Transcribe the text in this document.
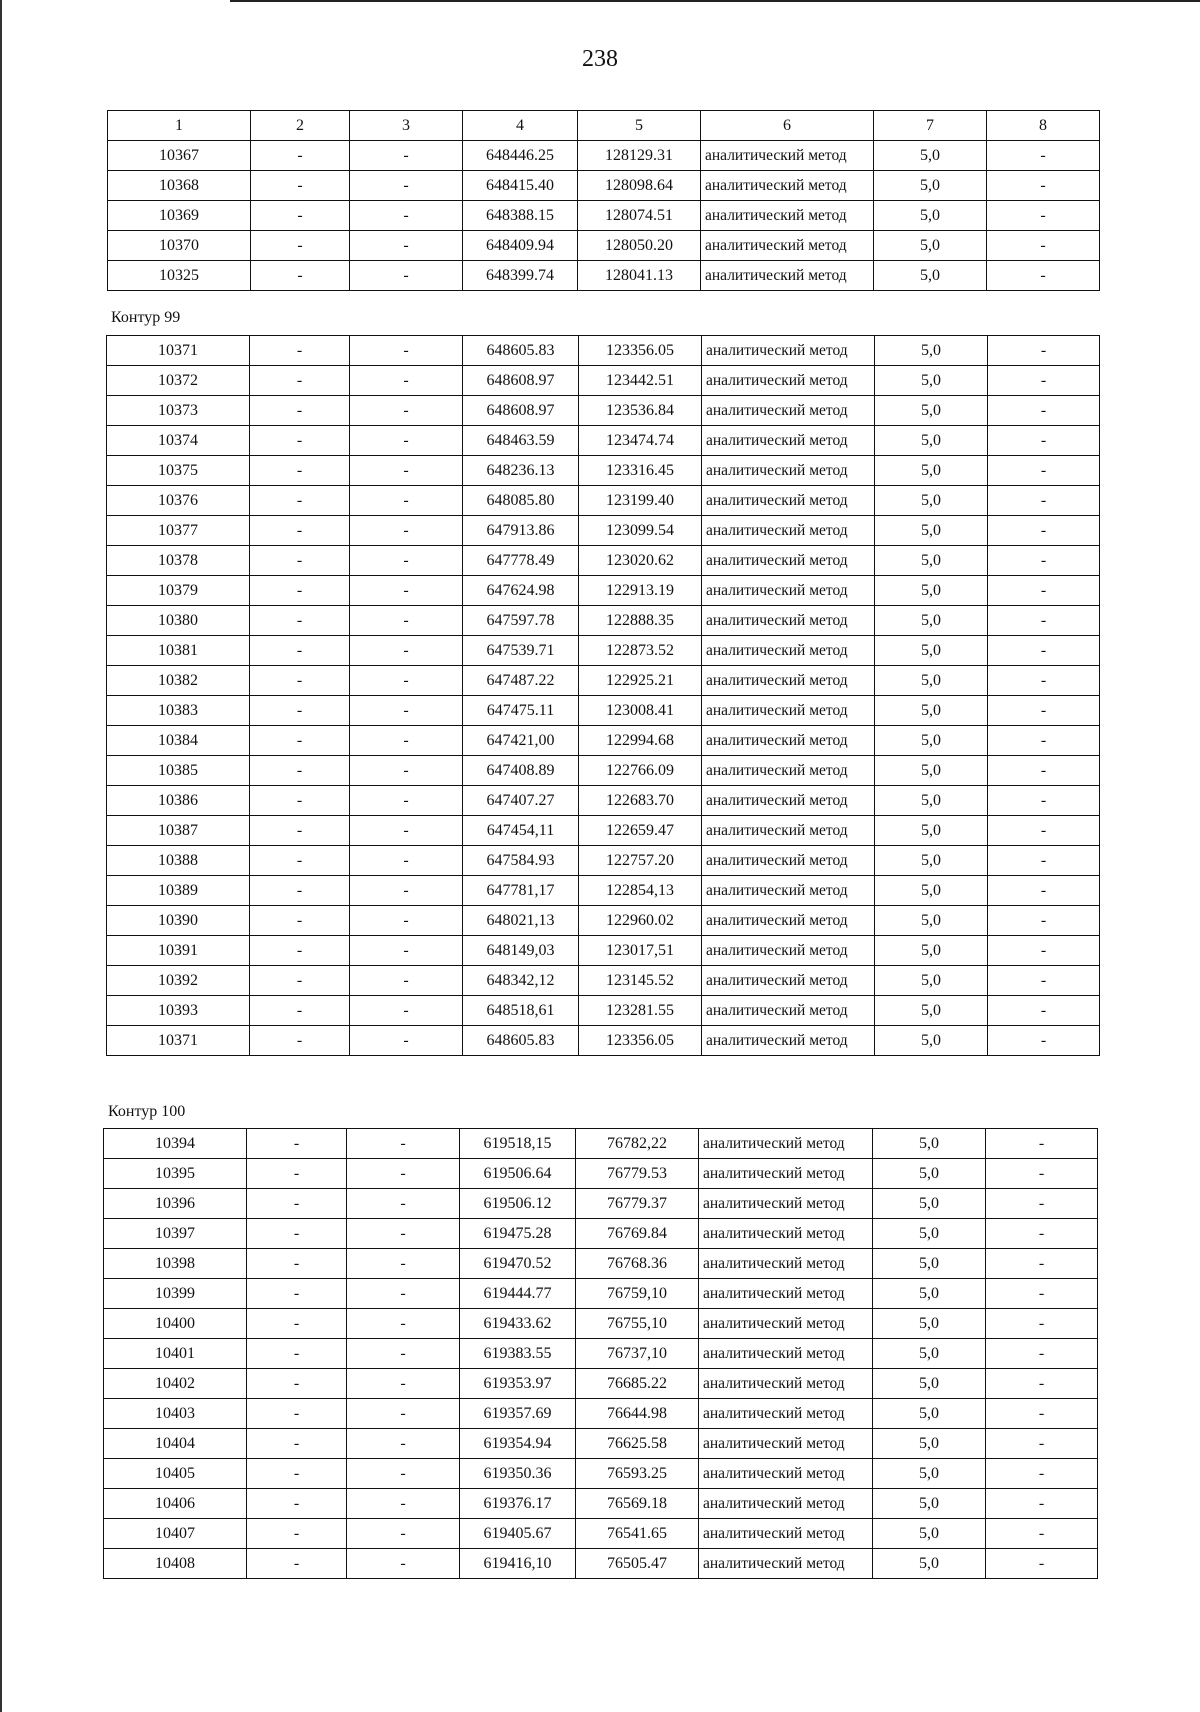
238
1	2	3	4	5	6	7	8
10367	-	-	648446.25	128129.31	аналитический метод	5,0	-
10368	-	-	648415.40	128098.64	аналитический метод	5,0	-
10369	-	-	648388.15	128074.51	аналитический метод	5,0	-
10370	-	-	648409.94	128050.20	аналитический метод	5,0	-
10325	-	-	648399.74	128041.13	аналитический метод	5,0	-
Контур 99
10371	-	-	648605.83	123356.05	аналитический метод	5,0	-
10372	-	-	648608.97	123442.51	аналитический метод	5,0	-
10373	-	-	648608.97	123536.84	аналитический метод	5,0	-
10374	-	-	648463.59	123474.74	аналитический метод	5,0	-
10375	-	-	648236.13	123316.45	аналитический метод	5,0	-
10376	-	-	648085.80	123199.40	аналитический метод	5,0	-
10377	-	-	647913.86	123099.54	аналитический метод	5,0	-
10378	-	-	647778.49	123020.62	аналитический метод	5,0	-
10379	-	-	647624.98	122913.19	аналитический метод	5,0	-
10380	-	-	647597.78	122888.35	аналитический метод	5,0	-
10381	-	-	647539.71	122873.52	аналитический метод	5,0	-
10382	-	-	647487.22	122925.21	аналитический метод	5,0	-
10383	-	-	647475.11	123008.41	аналитический метод	5,0	-
10384	-	-	647421,00	122994.68	аналитический метод	5,0	-
10385	-	-	647408.89	122766.09	аналитический метод	5,0	-
10386	-	-	647407.27	122683.70	аналитический метод	5,0	-
10387	-	-	647454,11	122659.47	аналитический метод	5,0	-
10388	-	-	647584.93	122757.20	аналитический метод	5,0	-
10389	-	-	647781,17	122854,13	аналитический метод	5,0	-
10390	-	-	648021,13	122960.02	аналитический метод	5,0	-
10391	-	-	648149,03	123017,51	аналитический метод	5,0	-
10392	-	-	648342,12	123145.52	аналитический метод	5,0	-
10393	-	-	648518,61	123281.55	аналитический метод	5,0	-
10371	-	-	648605.83	123356.05	аналитический метод	5,0	-
Контур 100
10394	-	-	619518,15	76782,22	аналитический метод	5,0	-
10395	-	-	619506.64	76779.53	аналитический метод	5,0	-
10396	-	-	619506.12	76779.37	аналитический метод	5,0	-
10397	-	-	619475.28	76769.84	аналитический метод	5,0	-
10398	-	-	619470.52	76768.36	аналитический метод	5,0	-
10399	-	-	619444.77	76759,10	аналитический метод	5,0	-
10400	-	-	619433.62	76755,10	аналитический метод	5,0	-
10401	-	-	619383.55	76737,10	аналитический метод	5,0	-
10402	-	-	619353.97	76685.22	аналитический метод	5,0	-
10403	-	-	619357.69	76644.98	аналитический метод	5,0	-
10404	-	-	619354.94	76625.58	аналитический метод	5,0	-
10405	-	-	619350.36	76593.25	аналитический метод	5,0	-
10406	-	-	619376.17	76569.18	аналитический метод	5,0	-
10407	-	-	619405.67	76541.65	аналитический метод	5,0	-
10408	-	-	619416,10	76505.47	аналитический метод	5,0	-
